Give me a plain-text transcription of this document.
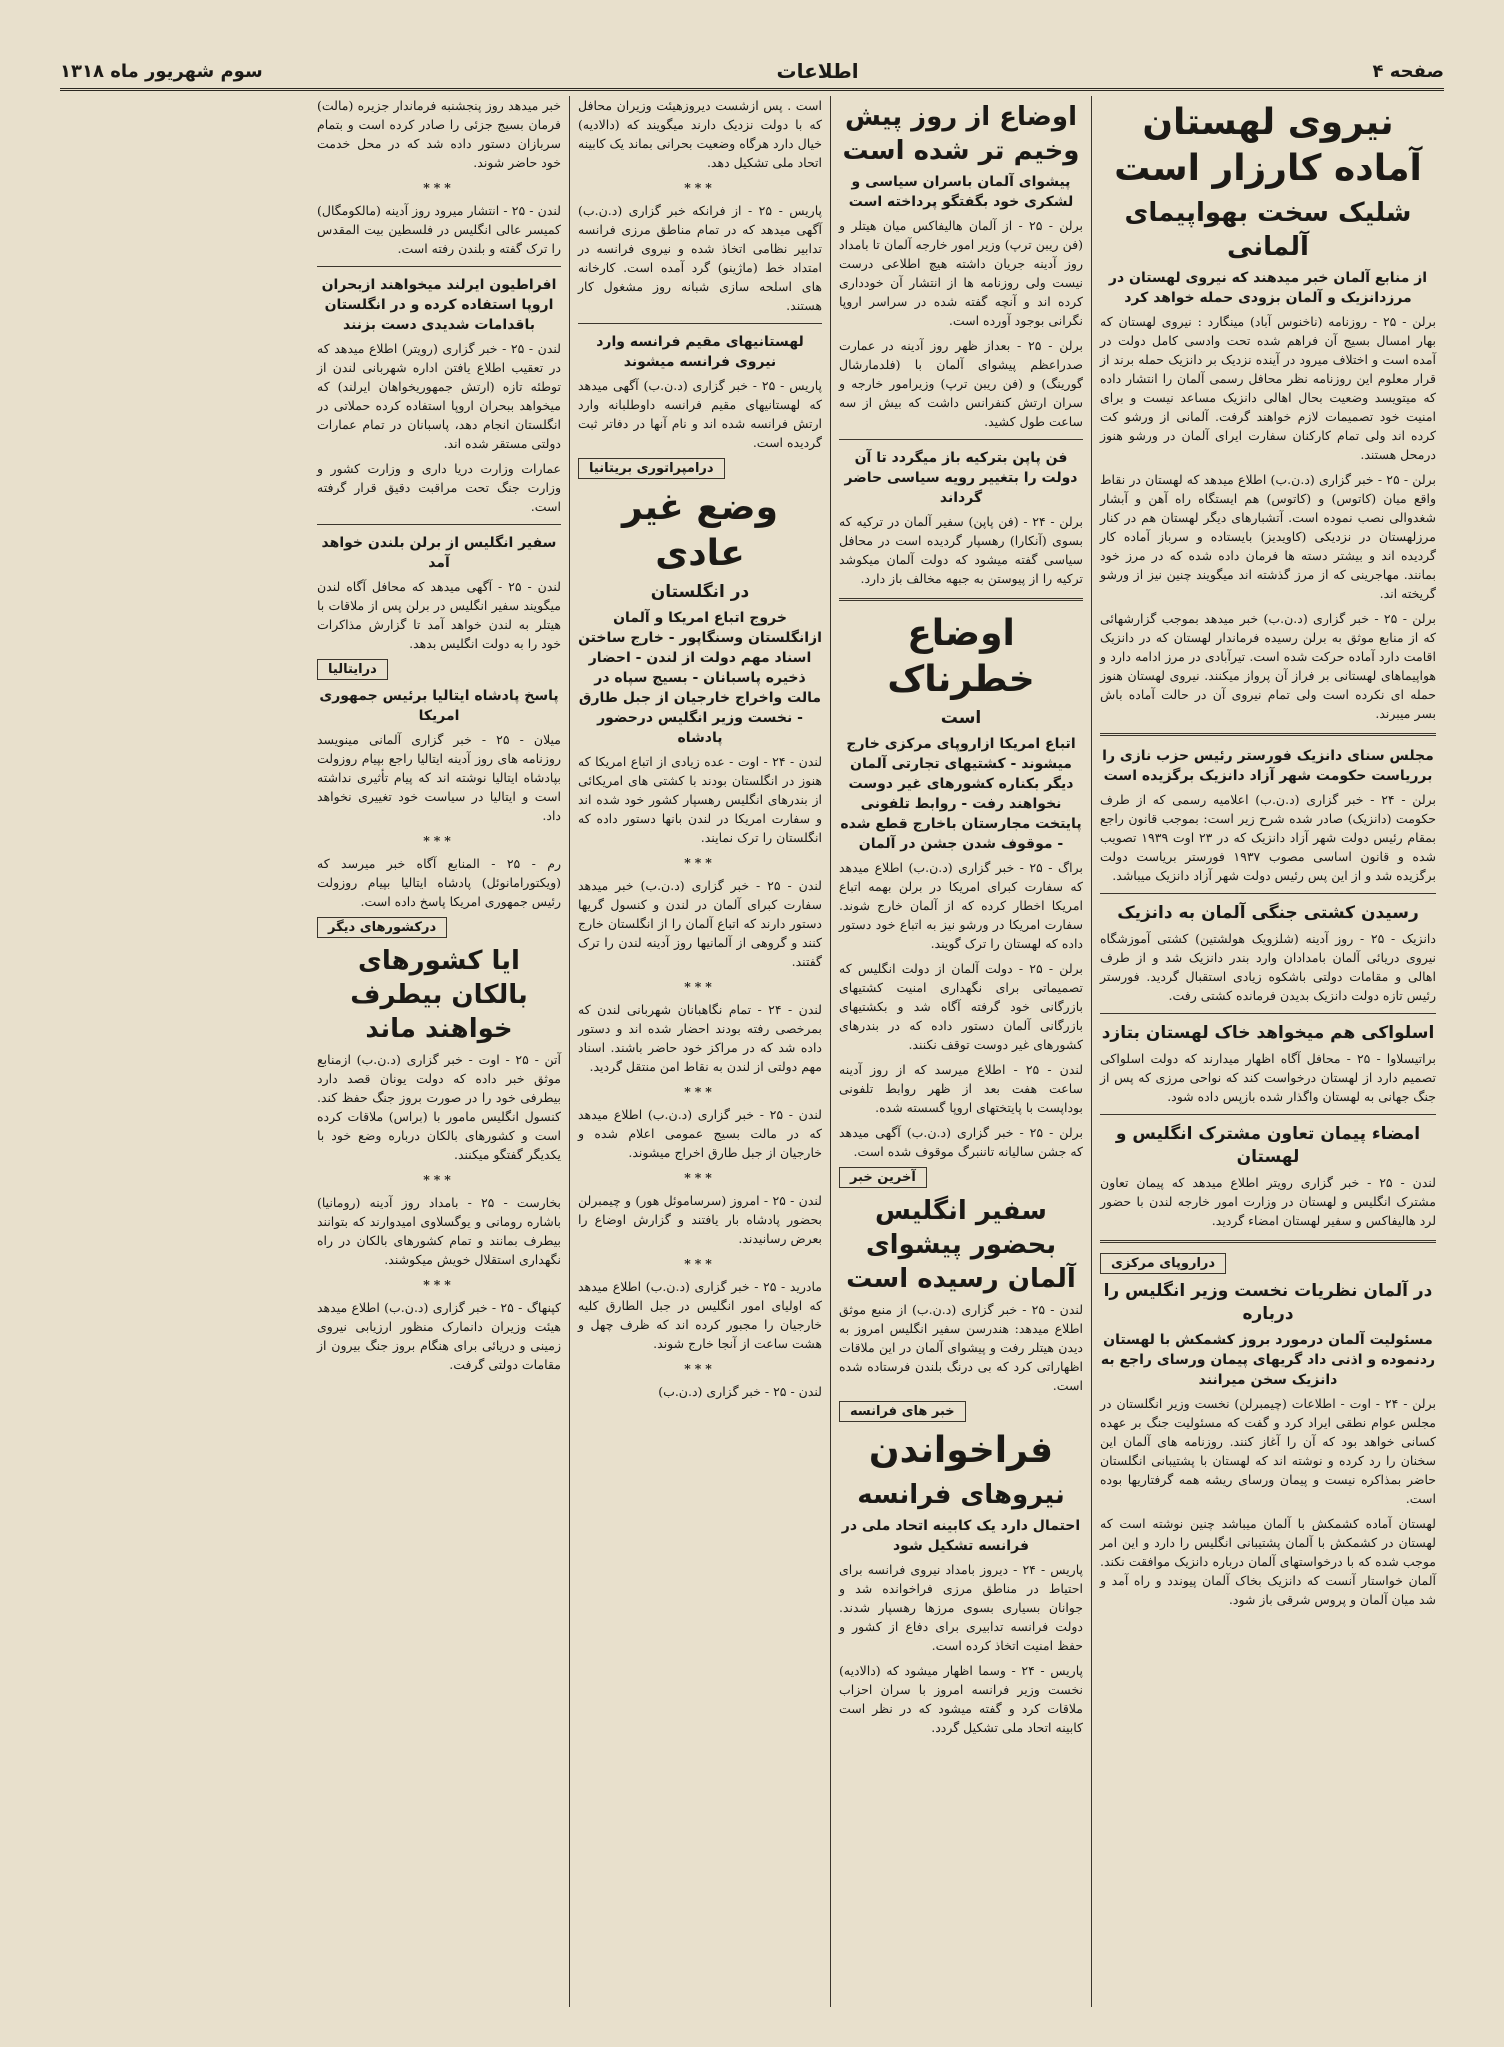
صفحه ۴
اطلاعات
سوم شهریور ماه ۱۳۱۸
نیروی لهستان آماده کارزار است
شلیک سخت بهواپیمای آلمانی
از منابع آلمان خبر میدهند که نیروی لهستان در مرزدانزیک و آلمان بزودی حمله خواهد کرد

برلن - ۲۵ - روزنامه (ناخنوس آباد) مینگارد : نیروی لهستان که بهار امسال بسیج آن فراهم شده تحت وادسی کامل دولت در آمده است و اختلاف میرود در آینده نزدیک بر دانزیک حمله برند از قرار معلوم این روزنامه نظر محافل رسمی آلمان را انتشار داده که میتویسد وضعیت بحال اهالی دانزیک مساعد نیست و برای امنیت خود تصمیمات لازم خواهند گرفت. آلمانی از ورشو کت کرده اند ولی تمام کارکنان سفارت ایرای آلمان در ورشو هنوز درمحل هستند.

برلن - ۲۵ - خبر گزاری (د.ن.ب) اطلاع میدهد که لهستان در نقاط واقع میان (کاتوس) و (کاتوس) هم ایستگاه راه آهن و آبشار شغدوالی نصب نموده است. آتشبارهای دیگر لهستان هم در کنار مرزلهستان در نزدیکی (کاویدیز) بایستاده و سرباز آماده کار گردیده اند و بیشتر دسته ها فرمان داده شده که در مرز خود بمانند. مهاجرینی که از مرز گذشته اند میگویند چنین نیز از ورشو گریخته اند.

برلن - ۲۵ - خبر گزاری (د.ن.ب) خبر میدهد بموجب گزارشهائی که از منابع موثق به برلن رسیده فرماندار لهستان که در دانزیک اقامت دارد آماده حرکت شده است. تیرآبادی در مرز ادامه دارد و هواپیماهای لهستانی بر فراز آن پرواز میکنند. نیروی لهستان هنوز حمله ای نکرده است ولی تمام نیروی آن در حالت آماده باش بسر میبرند.

مجلس سنای دانزیک فورستر رئیس حزب نازی را برریاست حکومت شهر آزاد دانزیک برگزیده است

برلن - ۲۴ - خبر گزاری (د.ن.ب) اعلامیه رسمی که از طرف حکومت (دانزیک) صادر شده شرح زیر است: بموجب قانون راجع بمقام رئیس دولت شهر آزاد دانزیک که در ۲۳ اوت ۱۹۳۹ تصویب شده و قانون اساسی مصوب ۱۹۳۷ فورستر بریاست دولت برگزیده شد و از این پس رئیس دولت شهر آزاد دانزیک میباشد.

رسیدن کشتی جنگی آلمان به دانزیک

دانزیک - ۲۵ - روز آدینه (شلزویک هولشتین) کشتی آموزشگاه نیروی دریائی آلمان بامدادان وارد بندر دانزیک شد و از طرف اهالی و مقامات دولتی باشکوه زیادی استقبال گردید. فورستر رئیس تازه دولت دانزیک بدیدن فرمانده کشتی رفت.

اسلواکی هم میخواهد خاک لهستان بتازد

براتیسلاوا - ۲۵ - محافل آگاه اظهار میدارند که دولت اسلواکی تصمیم دارد از لهستان درخواست کند که نواحی مرزی که پس از جنگ جهانی به لهستان واگذار شده بازپس داده شود.

امضاء پیمان تعاون مشترک انگلیس و لهستان

لندن - ۲۵ - خبر گزاری رویتر اطلاع میدهد که پیمان تعاون مشترک انگلیس و لهستان در وزارت امور خارجه لندن با حضور لرد هالیفاکس و سفیر لهستان امضاء گردید.

دراروپای مرکزی
در آلمان نظریات نخست وزیر انگلیس را درباره
مسئولیت آلمان درمورد بروز کشمکش با لهستان ردنموده و اذنی داد گریهای پیمان ورسای راجع به دانزیک سخن میرانند

برلن - ۲۴ - اوت - اطلاعات (چیمبرلن) نخست وزیر انگلستان در مجلس عوام نطقی ایراد کرد و گفت که مسئولیت جنگ بر عهده کسانی خواهد بود که آن را آغاز کنند. روزنامه های آلمان این سخنان را رد کرده و نوشته اند که لهستان با پشتیبانی انگلستان حاضر بمذاکره نیست و پیمان ورسای ریشه همه گرفتاریها بوده است.

لهستان آماده کشمکش با آلمان میباشد چنین نوشته است که لهستان در کشمکش با آلمان پشتیبانی انگلیس را دارد و این امر موجب شده که با درخواستهای آلمان درباره دانزیک موافقت نکند. آلمان خواستار آنست که دانزیک بخاک آلمان پیوندد و راه آمد و شد میان آلمان و پروس شرقی باز شود.

اوضاع از روز پیش وخیم تر شده است
پیشوای آلمان باسران سیاسی و لشکری خود بگفتگو پرداخته است

برلن - ۲۵ - از آلمان هالیفاکس میان هیتلر و (فن ریبن ترپ) وزیر امور خارجه آلمان تا بامداد روز آدینه جریان داشته هیچ اطلاعی درست نیست ولی روزنامه ها از انتشار آن خودداری کرده اند و آنچه گفته شده در سراسر اروپا نگرانی بوجود آورده است.

برلن - ۲۵ - بعداز ظهر روز آدینه در عمارت صدراعظم پیشوای آلمان با (فلدمارشال گورینگ) و (فن ریبن ترپ) وزیرامور خارجه و سران ارتش کنفرانس داشت که بیش از سه ساعت طول کشید.

فن پاپن بترکیه باز میگردد تا آن دولت را بتغییر رویه سیاسی حاضر گرداند

برلن - ۲۴ - (فن پاپن) سفیر آلمان در ترکیه که بسوی (آنکارا) رهسپار گردیده است در محافل سیاسی گفته میشود که دولت آلمان میکوشد ترکیه را از پیوستن به جبهه مخالف باز دارد.

اوضاع خطرناک
است
اتباع امریکا ازاروپای مرکزی خارج میشوند - کشتیهای تجارتی آلمان دیگر بکناره کشورهای غیر دوست نخواهند رفت - روابط تلفونی پایتخت مجارستان باخارج قطع شده - موقوف شدن جشن در آلمان

براگ - ۲۵ - خبر گزاری (د.ن.ب) اطلاع میدهد که سفارت کبرای امریکا در برلن بهمه اتباع امریکا اخطار کرده که از آلمان خارج شوند. سفارت امریکا در ورشو نیز به اتباع خود دستور داده که لهستان را ترک گویند.

برلن - ۲۵ - دولت آلمان از دولت انگلیس که تصمیماتی برای نگهداری امنیت کشتیهای بازرگانی خود گرفته آگاه شد و بکشتیهای بازرگانی آلمان دستور داده که در بندرهای کشورهای غیر دوست توقف نکنند.

لندن - ۲۵ - اطلاع میرسد که از روز آدینه ساعت هفت بعد از ظهر روابط تلفونی بوداپست با پایتختهای اروپا گسسته شده.

برلن - ۲۵ - خبر گزاری (د.ن.ب) آگهی میدهد که جشن سالیانه تاننبرگ موقوف شده است.

آخرین خبر
سفیر انگلیس بحضور پیشوای آلمان رسیده است

لندن - ۲۵ - خبر گزاری (د.ن.ب) از منبع موثق اطلاع میدهد: هندرسن سفیر انگلیس امروز به دیدن هیتلر رفت و پیشوای آلمان در این ملاقات اظهاراتی کرد که بی درنگ بلندن فرستاده شده است.

خبر های فرانسه
فراخواندن
نیروهای فرانسه
احتمال دارد یک کابینه اتحاد ملی در فرانسه تشکیل شود

پاریس - ۲۴ - دیروز بامداد نیروی فرانسه برای احتیاط در مناطق مرزی فراخوانده شد و جوانان بسیاری بسوی مرزها رهسپار شدند. دولت فرانسه تدابیری برای دفاع از کشور و حفظ امنیت اتخاذ کرده است.

پاریس - ۲۴ - وسما اظهار میشود که (دالادیه) نخست وزیر فرانسه امروز با سران احزاب ملاقات کرد و گفته میشود که در نظر است کابینه اتحاد ملی تشکیل گردد.

است . پس ازشست دیروزهیئت وزیران محافل که با دولت نزدیک دارند میگویند که (دالادیه) خیال دارد هرگاه وضعیت بحرانی بماند یک کابینه اتحاد ملی تشکیل دهد.

***

پاریس - ۲۵ - از فرانکه خبر گزاری (د.ن.ب) آگهی میدهد که در تمام مناطق مرزی فرانسه تدابیر نظامی اتخاذ شده و نیروی فرانسه در امتداد خط (ماژینو) گرد آمده است. کارخانه های اسلحه سازی شبانه روز مشغول کار هستند.

لهستانیهای مقیم فرانسه وارد نیروی فرانسه میشوند

پاریس - ۲۵ - خبر گزاری (د.ن.ب) آگهی میدهد که لهستانیهای مقیم فرانسه داوطلبانه وارد ارتش فرانسه شده اند و نام آنها در دفاتر ثبت گردیده است.

درامپراتوری بریتانیا
وضع غیر عادی
در انگلستان
خروج اتباع امریکا و آلمان ازانگلستان وسنگاپور - خارج ساختن اسناد مهم دولت از لندن - احضار ذخیره پاسبانان - بسیج سپاه در مالت واخراج خارجیان از جبل طارق - نخست وزیر انگلیس درحضور پادشاه

لندن - ۲۴ - اوت - عده زیادی از اتباع امریکا که هنوز در انگلستان بودند با کشتی های امریکائی از بندرهای انگلیس رهسپار کشور خود شده اند و سفارت امریکا در لندن بانها دستور داده که انگلستان را ترک نمایند.

***

لندن - ۲۵ - خبر گزاری (د.ن.ب) خبر میدهد سفارت کبرای آلمان در لندن و کنسول گریها دستور دارند که اتباع آلمان را از انگلستان خارج کنند و گروهی از آلمانیها روز آدینه لندن را ترک گفتند.

***

لندن - ۲۴ - تمام نگاهبانان شهربانی لندن که بمرخصی رفته بودند احضار شده اند و دستور داده شد که در مراکز خود حاضر باشند. اسناد مهم دولتی از لندن به نقاط امن منتقل گردید.

***

لندن - ۲۵ - خبر گزاری (د.ن.ب) اطلاع میدهد که در مالت بسیج عمومی اعلام شده و خارجیان از جبل طارق اخراج میشوند.

***

لندن - ۲۵ - امروز (سرساموئل هور) و چیمبرلن بحضور پادشاه بار یافتند و گزارش اوضاع را بعرض رسانیدند.

***

مادرید - ۲۵ - خبر گزاری (د.ن.ب) اطلاع میدهد که اولیای امور انگلیس در جبل الطارق کلیه خارجیان را مجبور کرده اند که ظرف چهل و هشت ساعت از آنجا خارج شوند.

***

لندن - ۲۵ - خبر گزاری (د.ن.ب)

خبر میدهد روز پنجشنبه فرماندار جزیره (مالت) فرمان بسیج جزئی را صادر کرده است و بتمام سربازان دستور داده شد که در محل خدمت خود حاضر شوند.

***

لندن - ۲۵ - انتشار میرود روز آدینه (مالکومگال) کمیسر عالی انگلیس در فلسطین بیت المقدس را ترک گفته و بلندن رفته است.

افراطیون ایرلند میخواهند ازبحران اروپا استفاده کرده و در انگلستان باقدامات شدیدی دست بزنند

لندن - ۲۵ - خبر گزاری (رویتر) اطلاع میدهد که در تعقیب اطلاع یافتن اداره شهربانی لندن از توطئه تازه (ارتش جمهوریخواهان ایرلند) که میخواهد ببحران اروپا استفاده کرده حملاتی در انگلستان انجام دهد، پاسبانان در تمام عمارات دولتی مستقر شده اند.

عمارات وزارت دریا داری و وزارت کشور و وزارت جنگ تحت مراقبت دقیق قرار گرفته است.

سفیر انگلیس از برلن بلندن خواهد آمد

لندن - ۲۵ - آگهی میدهد که محافل آگاه لندن میگویند سفیر انگلیس در برلن پس از ملاقات با هیتلر به لندن خواهد آمد تا گزارش مذاکرات خود را به دولت انگلیس بدهد.

درایتالیا
پاسخ پادشاه ایتالیا برئیس جمهوری امریکا

میلان - ۲۵ - خبر گزاری آلمانی مینویسد روزنامه های روز آدینه ایتالیا راجع بپیام روزولت بپادشاه ایتالیا نوشته اند که پیام تأثیری نداشته است و ایتالیا در سیاست خود تغییری نخواهد داد.

***

رم - ۲۵ - المنابع آگاه خبر میرسد که (ویکتورامانوئل) پادشاه ایتالیا بپیام روزولت رئیس جمهوری امریکا پاسخ داده است.

درکشورهای دیگر
ایا کشورهای بالکان بیطرف خواهند ماند

آتن - ۲۵ - اوت - خبر گزاری (د.ن.ب) ازمنابع موثق خبر داده که دولت یونان قصد دارد بیطرفی خود را در صورت بروز جنگ حفظ کند. کنسول انگلیس مامور با (براس) ملاقات کرده است و کشورهای بالکان درباره وضع خود با یکدیگر گفتگو میکنند.

***

بخارست - ۲۵ - بامداد روز آدینه (رومانیا) باشاره رومانی و یوگسلاوی امیدوارند که بتوانند بیطرف بمانند و تمام کشورهای بالکان در راه نگهداری استقلال خویش میکوشند.

***

کپنهاگ - ۲۵ - خبر گزاری (د.ن.ب) اطلاع میدهد هیئت وزیران دانمارک منظور ارزیابی نیروی زمینی و دریائی برای هنگام بروز جنگ بیرون از مقامات دولتی گرفت.
